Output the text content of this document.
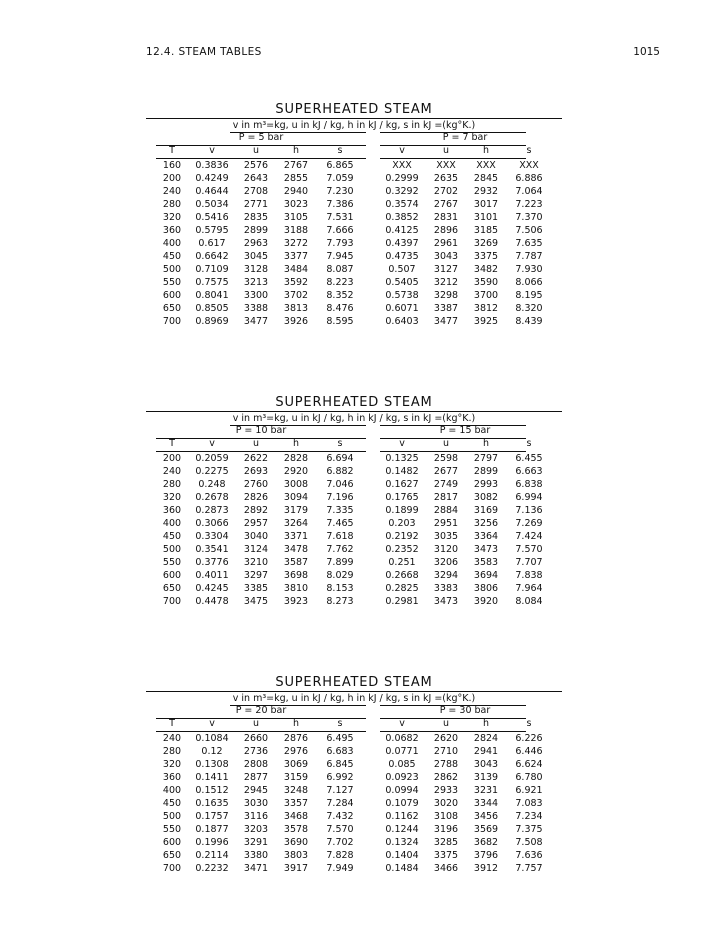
12.4. STEAM TABLES	1015
SUPERHEATED STEAM
v in m³=kg, u in kJ / kg, h in kJ / kg, s in kJ =(kg°K.)
P = 5 bar	P = 7 bar
T	v	u	h	s	v	u	h	s
160	0.3836	2576	2767	6.865	XXX	XXX	XXX	XXX
200	0.4249	2643	2855	7.059	0.2999	2635	2845	6.886
240	0.4644	2708	2940	7.230	0.3292	2702	2932	7.064
280	0.5034	2771	3023	7.386	0.3574	2767	3017	7.223
320	0.5416	2835	3105	7.531	0.3852	2831	3101	7.370
360	0.5795	2899	3188	7.666	0.4125	2896	3185	7.506
400	0.617	2963	3272	7.793	0.4397	2961	3269	7.635
450	0.6642	3045	3377	7.945	0.4735	3043	3375	7.787
500	0.7109	3128	3484	8.087	0.507	3127	3482	7.930
550	0.7575	3213	3592	8.223	0.5405	3212	3590	8.066
600	0.8041	3300	3702	8.352	0.5738	3298	3700	8.195
650	0.8505	3388	3813	8.476	0.6071	3387	3812	8.320
700	0.8969	3477	3926	8.595	0.6403	3477	3925	8.439
SUPERHEATED STEAM
v in m³=kg, u in kJ / kg, h in kJ / kg, s in kJ =(kg°K.)
P = 10 bar	P = 15 bar
T	v	u	h	s	v	u	h	s
200	0.2059	2622	2828	6.694	0.1325	2598	2797	6.455
240	0.2275	2693	2920	6.882	0.1482	2677	2899	6.663
280	0.248	2760	3008	7.046	0.1627	2749	2993	6.838
320	0.2678	2826	3094	7.196	0.1765	2817	3082	6.994
360	0.2873	2892	3179	7.335	0.1899	2884	3169	7.136
400	0.3066	2957	3264	7.465	0.203	2951	3256	7.269
450	0.3304	3040	3371	7.618	0.2192	3035	3364	7.424
500	0.3541	3124	3478	7.762	0.2352	3120	3473	7.570
550	0.3776	3210	3587	7.899	0.251	3206	3583	7.707
600	0.4011	3297	3698	8.029	0.2668	3294	3694	7.838
650	0.4245	3385	3810	8.153	0.2825	3383	3806	7.964
700	0.4478	3475	3923	8.273	0.2981	3473	3920	8.084
SUPERHEATED STEAM
v in m³=kg, u in kJ / kg, h in kJ / kg, s in kJ =(kg°K.)
P = 20 bar	P = 30 bar
T	v	u	h	s	v	u	h	s
240	0.1084	2660	2876	6.495	0.0682	2620	2824	6.226
280	0.12	2736	2976	6.683	0.0771	2710	2941	6.446
320	0.1308	2808	3069	6.845	0.085	2788	3043	6.624
360	0.1411	2877	3159	6.992	0.0923	2862	3139	6.780
400	0.1512	2945	3248	7.127	0.0994	2933	3231	6.921
450	0.1635	3030	3357	7.284	0.1079	3020	3344	7.083
500	0.1757	3116	3468	7.432	0.1162	3108	3456	7.234
550	0.1877	3203	3578	7.570	0.1244	3196	3569	7.375
600	0.1996	3291	3690	7.702	0.1324	3285	3682	7.508
650	0.2114	3380	3803	7.828	0.1404	3375	3796	7.636
700	0.2232	3471	3917	7.949	0.1484	3466	3912	7.757
